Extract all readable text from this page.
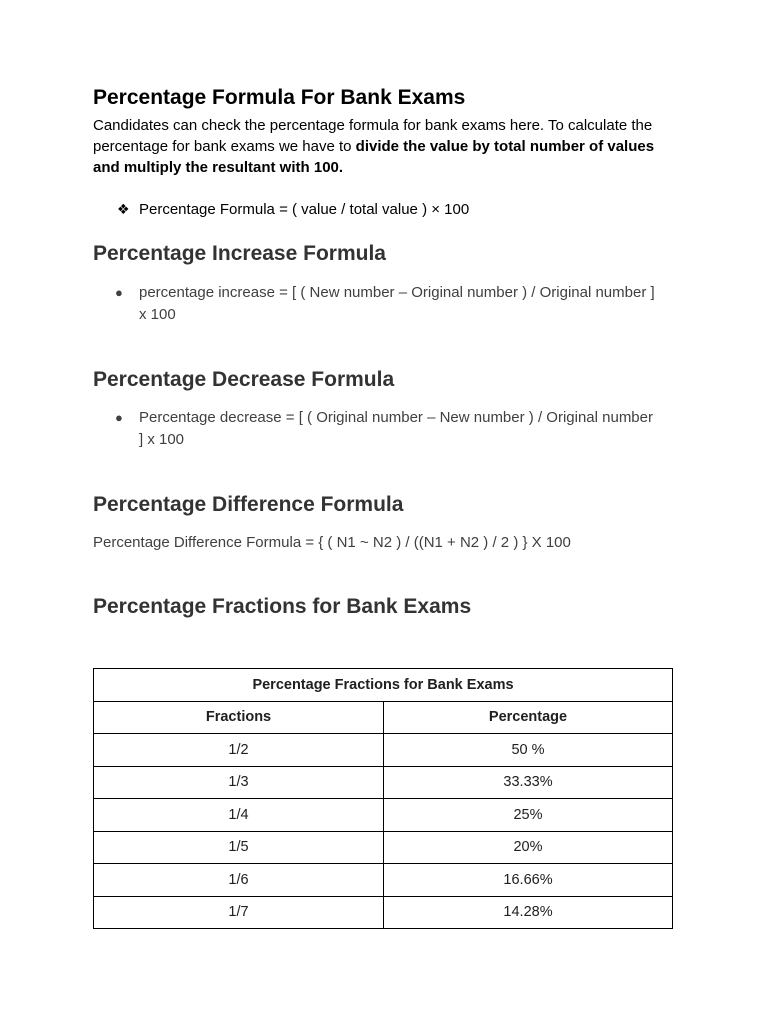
Percentage Formula For Bank Exams

Candidates can check the percentage formula for bank exams here. To calculate the percentage for bank exams we have to divide the value by total number of values and multiply the resultant with 100.

❖ Percentage Formula = ( value / total value ) × 100
Percentage Increase Formula
● percentage increase = [ ( New number – Original number ) / Original number ] x 100
Percentage Decrease Formula
● Percentage decrease = [ ( Original number – New number ) / Original number ] x 100
Percentage Difference Formula
Percentage Difference Formula = { ( N1 ~ N2 ) / ((N1 + N2 ) / 2 ) } X 100
Percentage Fractions for Bank Exams
Percentage Fractions for Bank Exams	
Fractions	Percentage
1/2	50 %
1/3	33.33%
1/4	25%
1/5	20%
1/6	16.66%
1/7	14.28%
